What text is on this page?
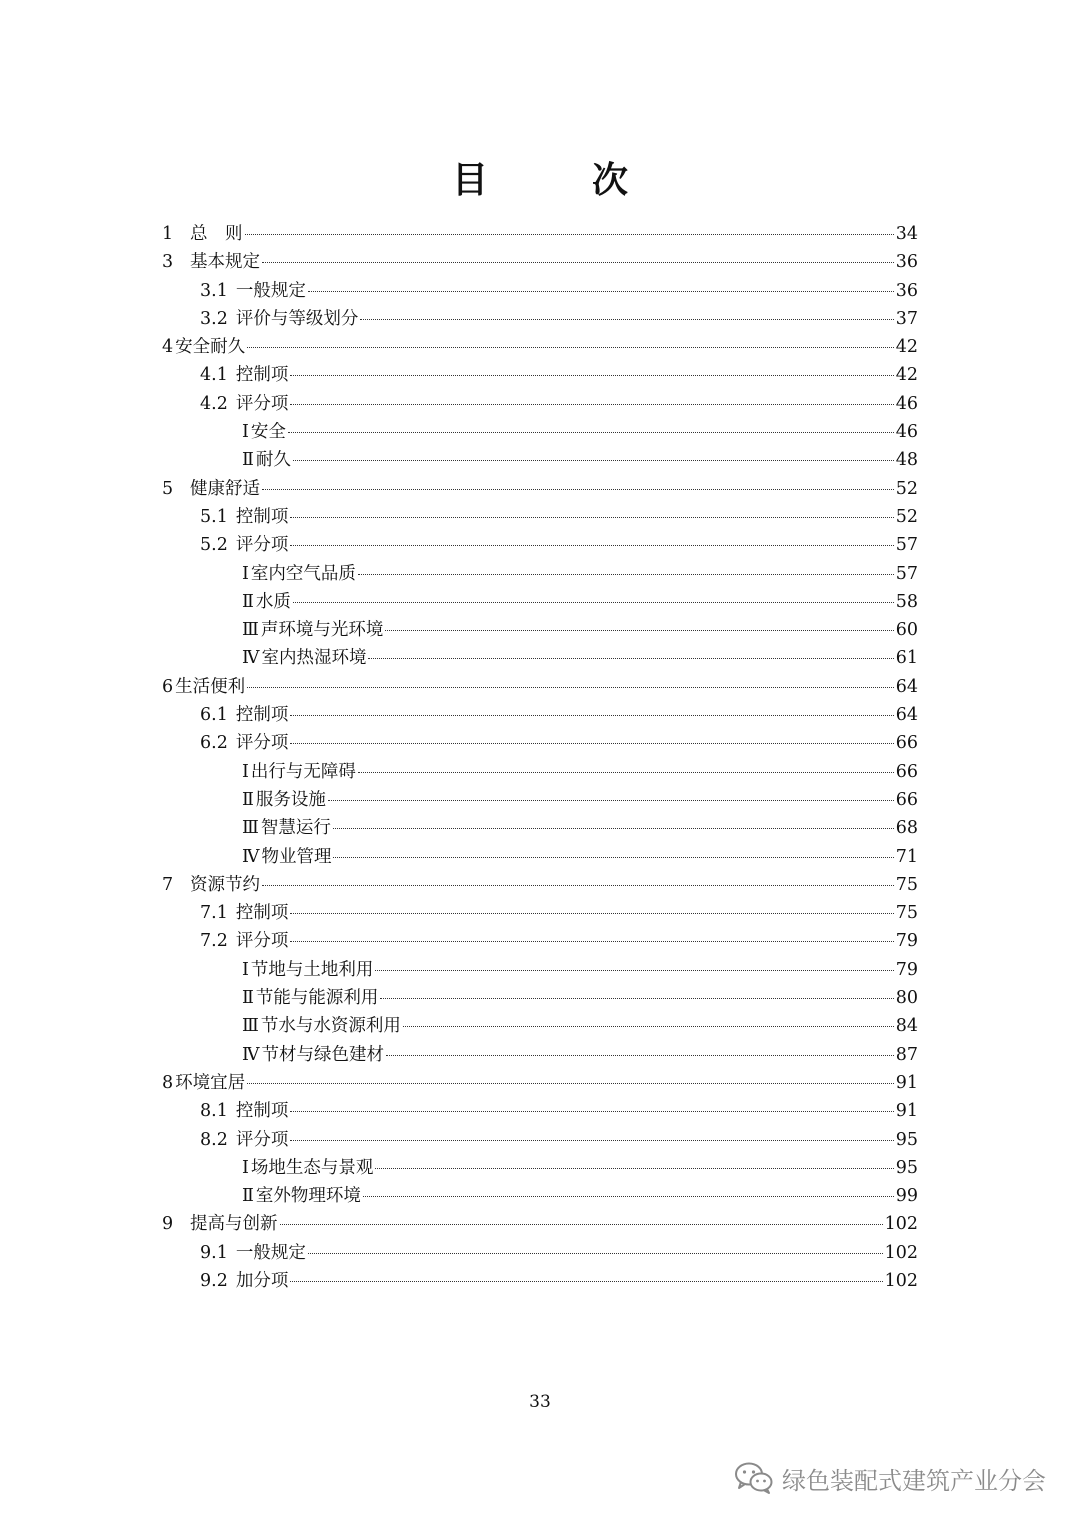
目　次
1 总　则	34
3 基本规定	36
3.1 一般规定	36
3.2 评价与等级划分	37
4 安全耐久	42
4.1 控制项	42
4.2 评分项	46
Ⅰ 安全	46
Ⅱ 耐久	48
5 健康舒适	52
5.1 控制项	52
5.2 评分项	57
Ⅰ 室内空气品质	57
Ⅱ 水质	58
Ⅲ 声环境与光环境	60
Ⅳ 室内热湿环境	61
6 生活便利	64
6.1 控制项	64
6.2 评分项	66
Ⅰ 出行与无障碍	66
Ⅱ 服务设施	66
Ⅲ 智慧运行	68
Ⅳ 物业管理	71
7 资源节约	75
7.1 控制项	75
7.2 评分项	79
Ⅰ 节地与土地利用	79
Ⅱ 节能与能源利用	80
Ⅲ 节水与水资源利用	84
Ⅳ 节材与绿色建材	87
8 环境宜居	91
8.1 控制项	91
8.2 评分项	95
Ⅰ 场地生态与景观	95
Ⅱ 室外物理环境	99
9 提高与创新	102
9.1 一般规定	102
9.2 加分项	102
33
绿色装配式建筑产业分会
